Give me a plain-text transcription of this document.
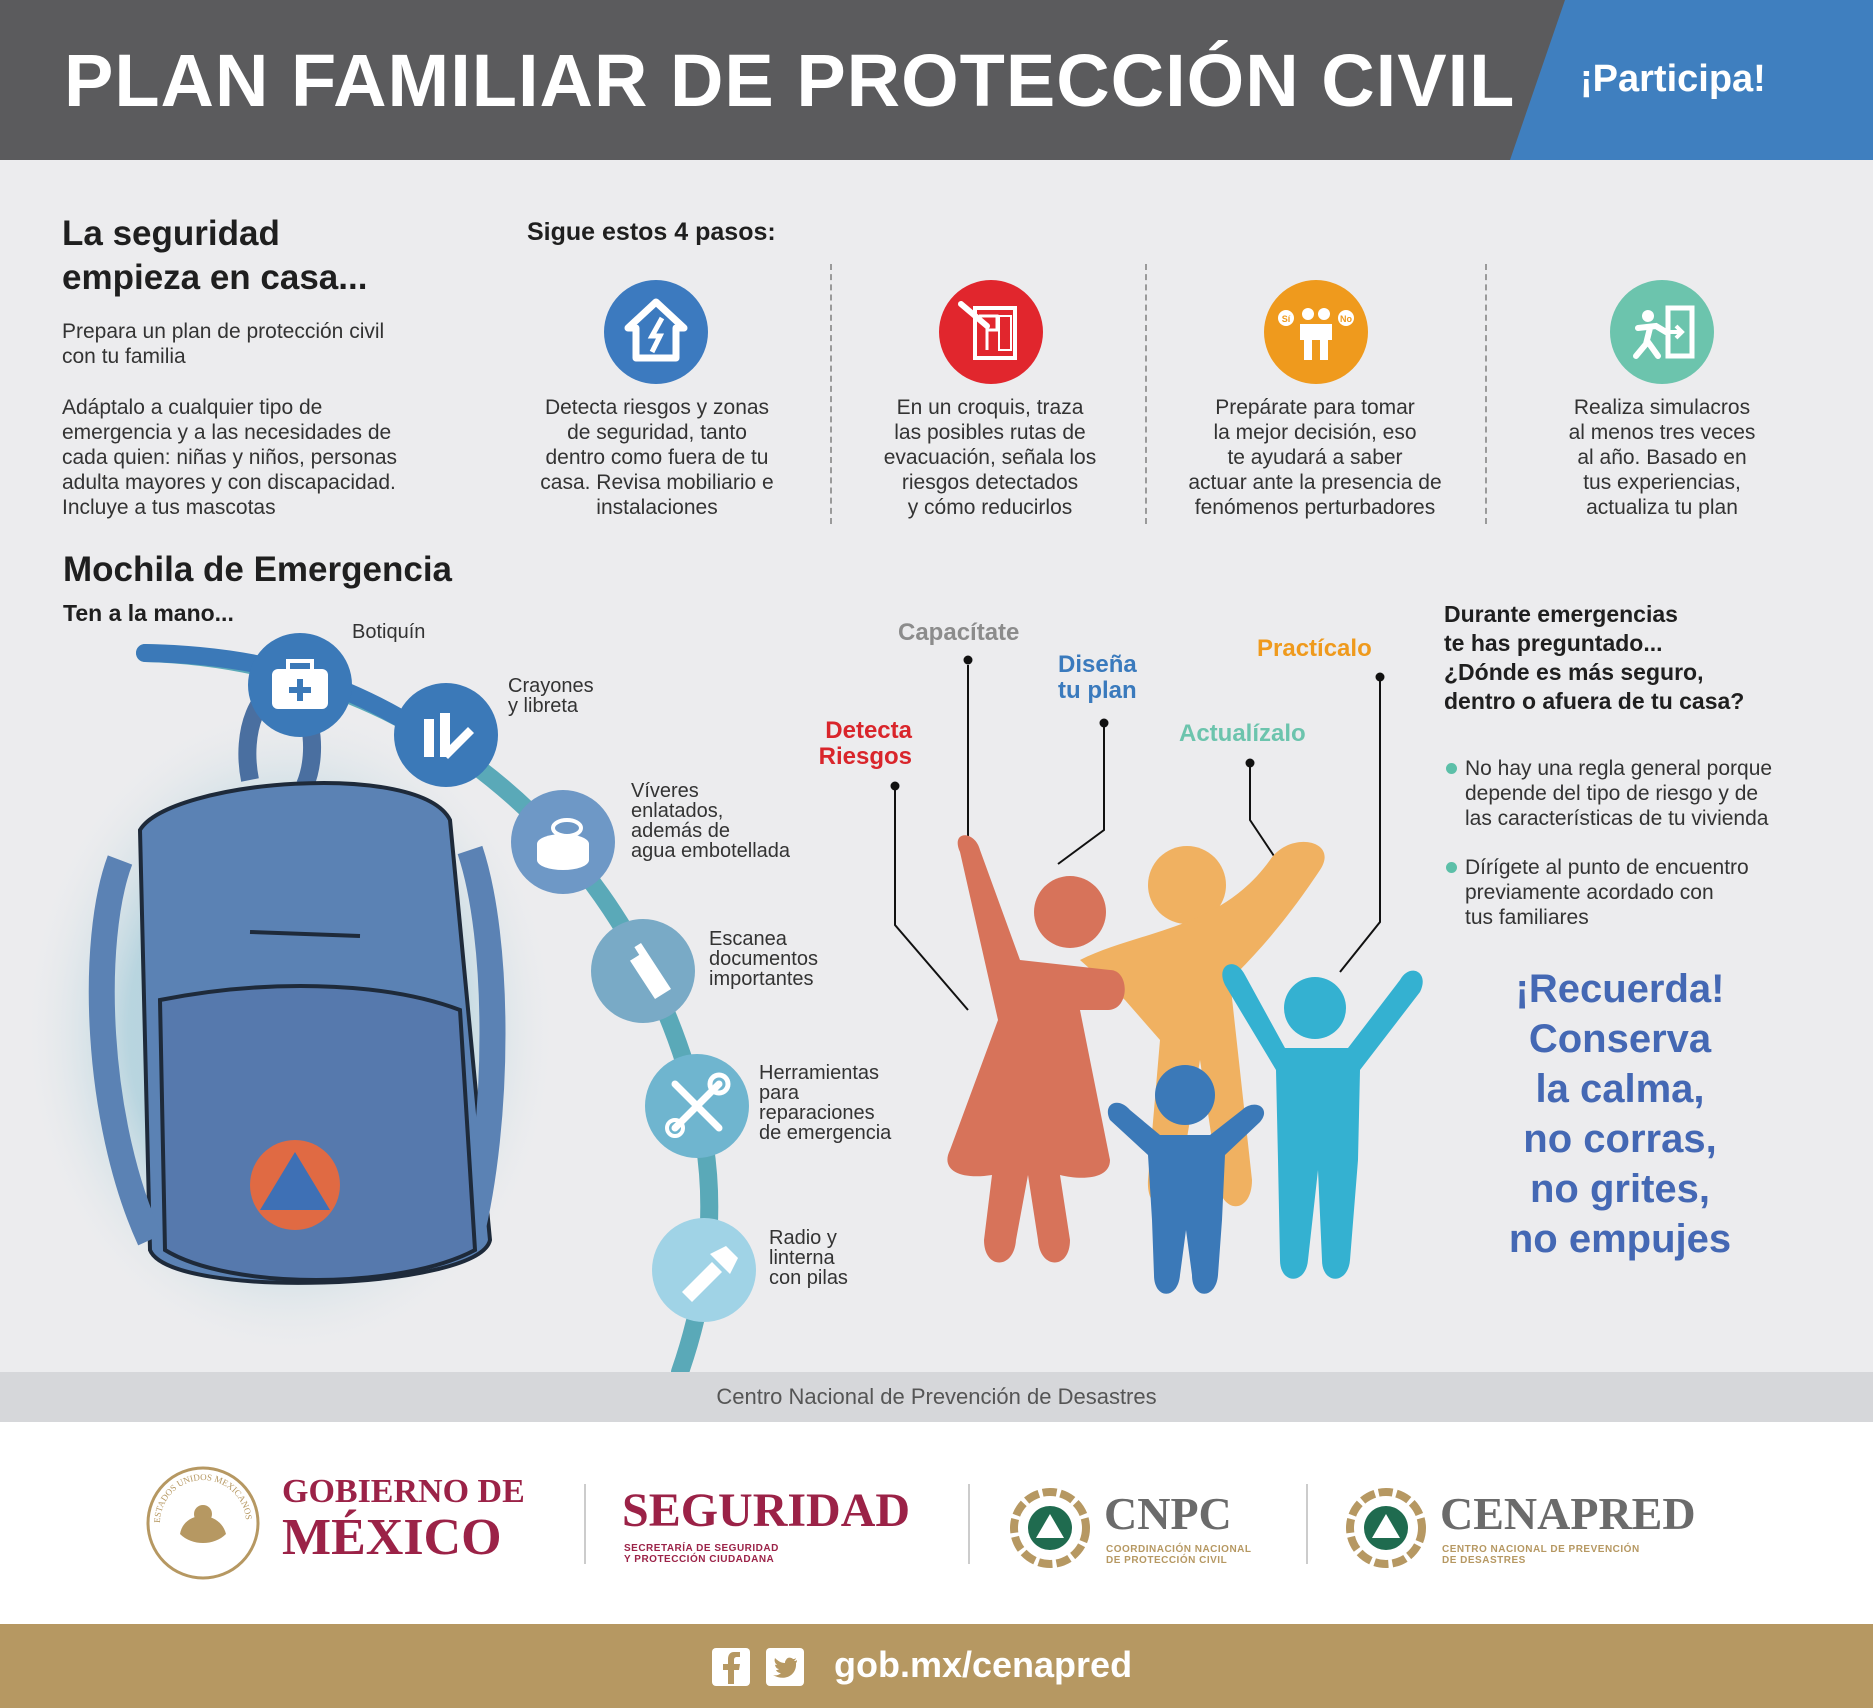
PLAN FAMILIAR DE PROTECCIÓN CIVIL ¡Participa!
La seguridad
empieza en casa...
Prepara un plan de protección civil
con tu familia
Adáptalo a cualquier tipo de
emergencia y a las necesidades de
cada quien: niñas y niños, personas
adulta mayores y con discapacidad.
Incluye a tus mascotas
Sigue estos 4 pasos:
Sí	No
Detecta riesgos y zonas
de seguridad, tanto
dentro como fuera de tu
casa. Revisa mobiliario e
instalaciones
En un croquis, traza
las posibles rutas de
evacuación, señala los
riesgos detectados
y cómo reducirlos
Prepárate para tomar
la mejor decisión, eso
te ayudará a saber
actuar ante la presencia de
fenómenos perturbadores
Realiza simulacros
al menos tres veces
al año. Basado en
tus experiencias,
actualiza tu plan
Mochila de Emergencia
Ten a la mano...
Botiquín
Crayones
y libreta
Víveres
enlatados,
además de
agua embotellada
Escanea
documentos
importantes
Herramientas
para
reparaciones
de emergencia
Radio y
linterna
con pilas
Detecta
Riesgos
Capacítate
Diseña
tu plan
Actualízalo
Practícalo
Durante emergencias
te has preguntado...
¿Dónde es más seguro,
dentro o afuera de tu casa?
No hay una regla general porque
depende del tipo de riesgo y de
las características de tu vivienda
Dírígete al punto de encuentro
previamente acordado con
tus familiares
¡Recuerda!
Conserva
la calma,
no corras,
no grites,
no empujes
Centro Nacional de Prevención de Desastres
ESTADOS UNIDOS MEXICANOS
GOBIERNO DE
MÉXICO	SEGURIDAD
SECRETARÍA DE SEGURIDAD
Y PROTECCIÓN CIUDADANA
CNPC
COORDINACIÓN NACIONAL
DE PROTECCIÓN CIVIL
CENAPRED
CENTRO NACIONAL DE PREVENCIÓN
DE DESASTRES
gob.mx/cenapred
